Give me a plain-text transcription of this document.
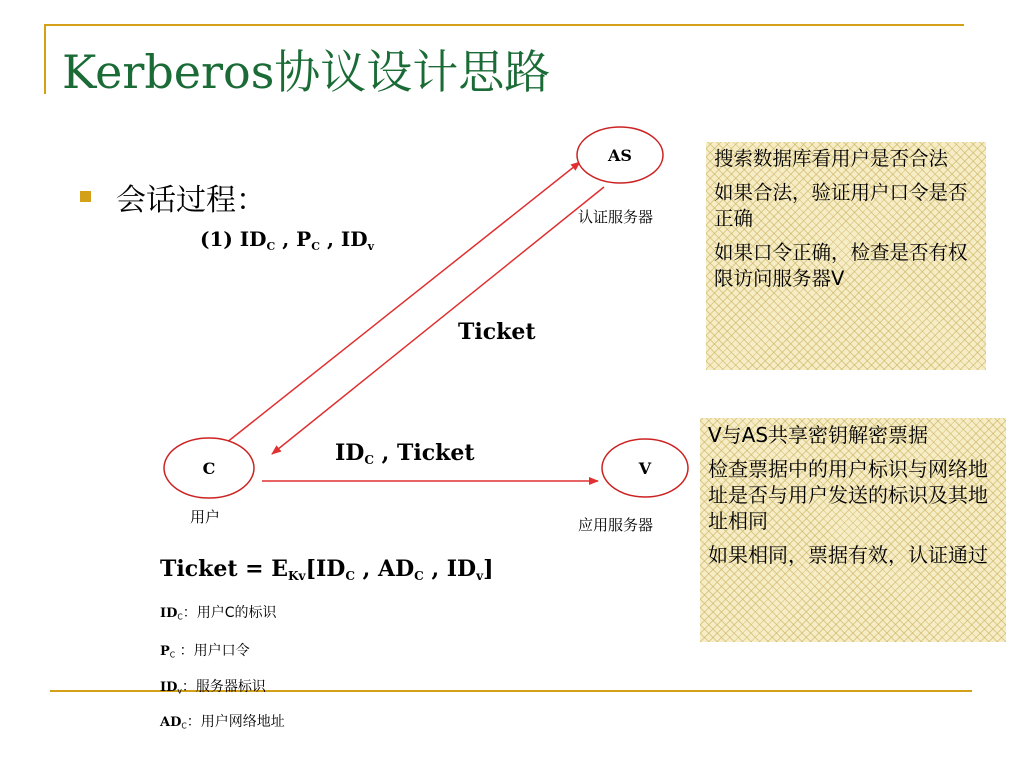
Kerberos协议设计思路
会话过程：
(1) $ID_C$ , $P_C$ , $ID_v$
AS
认证服务器
C
用户
V
应用服务器
Ticket
$ID_C$ , Ticket
Ticket = $E_{Kv}[ID_C$ , $AD_C$ , $ID_v$]
$ID_C$：用户C的标识
$P_C$ ：用户口令
$ID_v$：服务器标识
$AD_C$：用户网络地址

搜索数据库看用户是否合法

如果合法，验证用户口令是否正确

如果口令正确，检查是否有权限访问服务器V

V与AS共享密钥解密票据

检查票据中的用户标识与网络地址是否与用户发送的标识及其地址相同

如果相同，票据有效，认证通过
